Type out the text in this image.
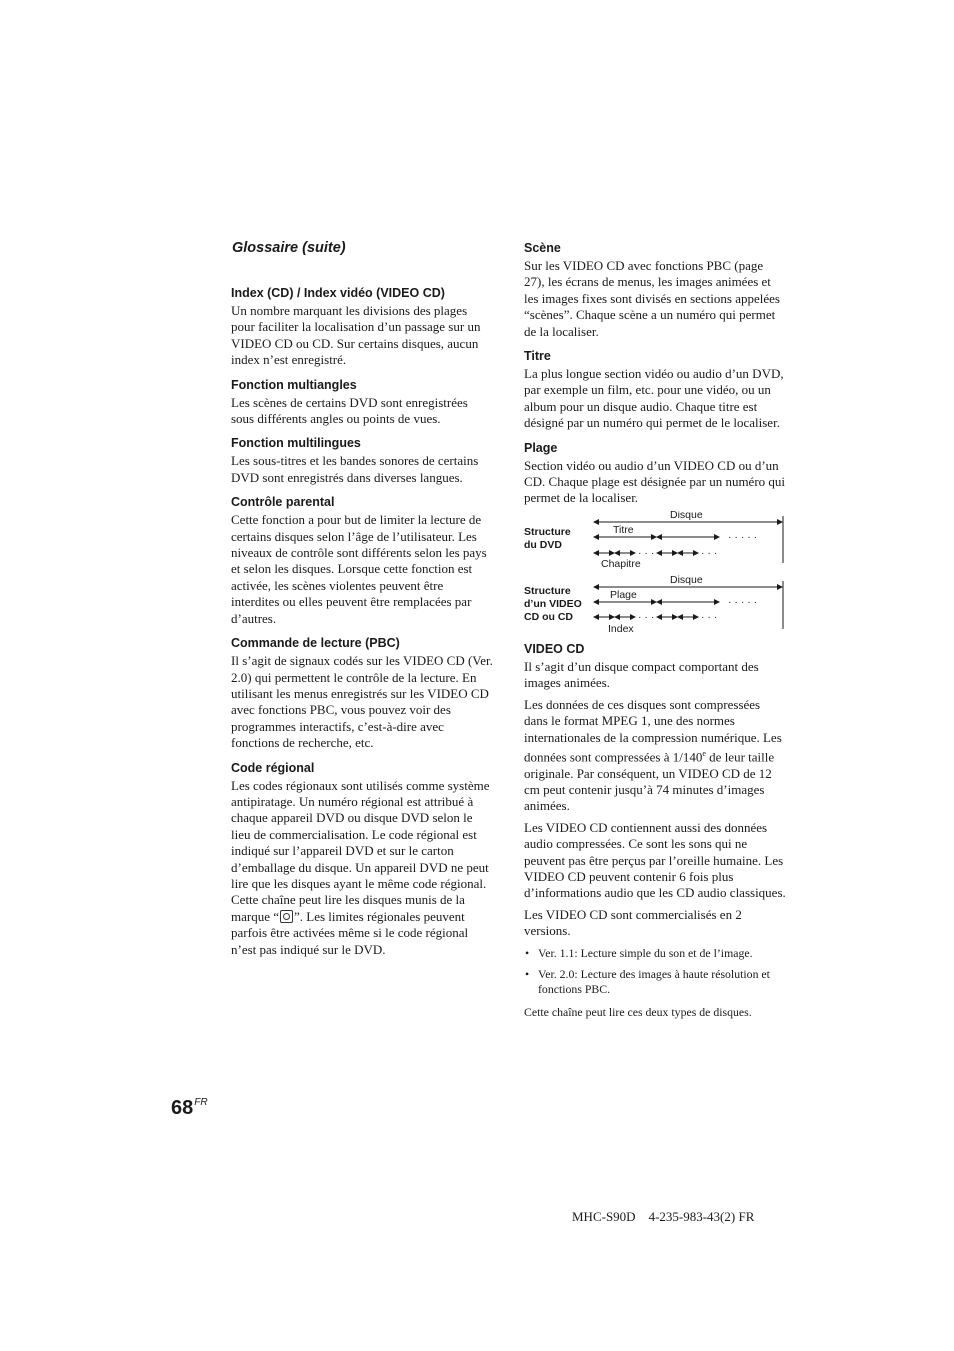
Glossaire (suite)
Index (CD) / Index vidéo (VIDEO CD)

Un nombre marquant les divisions des plages pour faciliter la localisation d’un passage sur un VIDEO CD ou CD. Sur certains disques, aucun index n’est enregistré.

Fonction multiangles

Les scènes de certains DVD sont enregistrées sous différents angles ou points de vues.

Fonction multilingues

Les sous-titres et les bandes sonores de certains DVD sont enregistrés dans diverses langues.

Contrôle parental

Cette fonction a pour but de limiter la lecture de certains disques selon l’âge de l’utilisateur. Les niveaux de contrôle sont différents selon les pays et selon les disques. Lorsque cette fonction est activée, les scènes violentes peuvent être interdites ou elles peuvent être remplacées par d’autres.

Commande de lecture (PBC)

Il s’agit de signaux codés sur les VIDEO CD (Ver. 2.0) qui permettent le contrôle de la lecture. En utilisant les menus enregistrés sur les VIDEO CD avec fonctions PBC, vous pouvez voir des programmes interactifs, c’est-à-dire avec fonctions de recherche, etc.

Code régional

Les codes régionaux sont utilisés comme système antipiratage. Un numéro régional est attribué à chaque appareil DVD ou disque DVD selon le lieu de commercialisation. Le code régional est indiqué sur l’appareil DVD et sur le carton d’emballage du disque. Un appareil DVD ne peut lire que les disques ayant le même code régional. Cette chaîne peut lire les disques munis de la marque “ ”. Les limites régionales peuvent parfois être activées même si le code régional n’est pas indiqué sur le DVD.

Scène

Sur les VIDEO CD avec fonctions PBC (page 27), les écrans de menus, les images animées et les images fixes sont divisés en sections appelées “scènes”. Chaque scène a un numéro qui permet de la localiser.

Titre

La plus longue section vidéo ou audio d’un DVD, par exemple un film, etc. pour une vidéo, ou un album pour un disque audio. Chaque titre est désigné par un numéro qui permet de le localiser.

Plage

Section vidéo ou audio d’un VIDEO CD ou d’un CD. Chaque plage est désignée par un numéro qui permet de la localiser.

Structure
du DVD
Disque
Titre
· · · · ·
· · ·	· · ·
Chapitre
Structure
d’un VIDEO
CD ou CD
Disque
Plage
· · · · ·
· · ·	· · ·
Index
VIDEO CD

Il s’agit d’un disque compact comportant des images animées.

Les données de ces disques sont compressées dans le format MPEG 1, une des normes internationales de la compression numérique. Les données sont compressées à 1/140e de leur taille originale. Par conséquent, un VIDEO CD de 12 cm peut contenir jusqu’à 74 minutes d’images animées.

Les VIDEO CD contiennent aussi des données audio compressées. Ce sont les sons qui ne peuvent pas être perçus par l’oreille humaine. Les VIDEO CD peuvent contenir 6 fois plus d’informations audio que les CD audio classiques.

Les VIDEO CD sont commercialisés en 2 versions.

• Ver. 1.1: Lecture simple du son et de l’image.
• Ver. 2.0: Lecture des images à haute résolution et fonctions PBC.
Cette chaîne peut lire ces deux types de disques.
$68^{FR}$
MHC-S90D    4-235-983-43(2) FR
